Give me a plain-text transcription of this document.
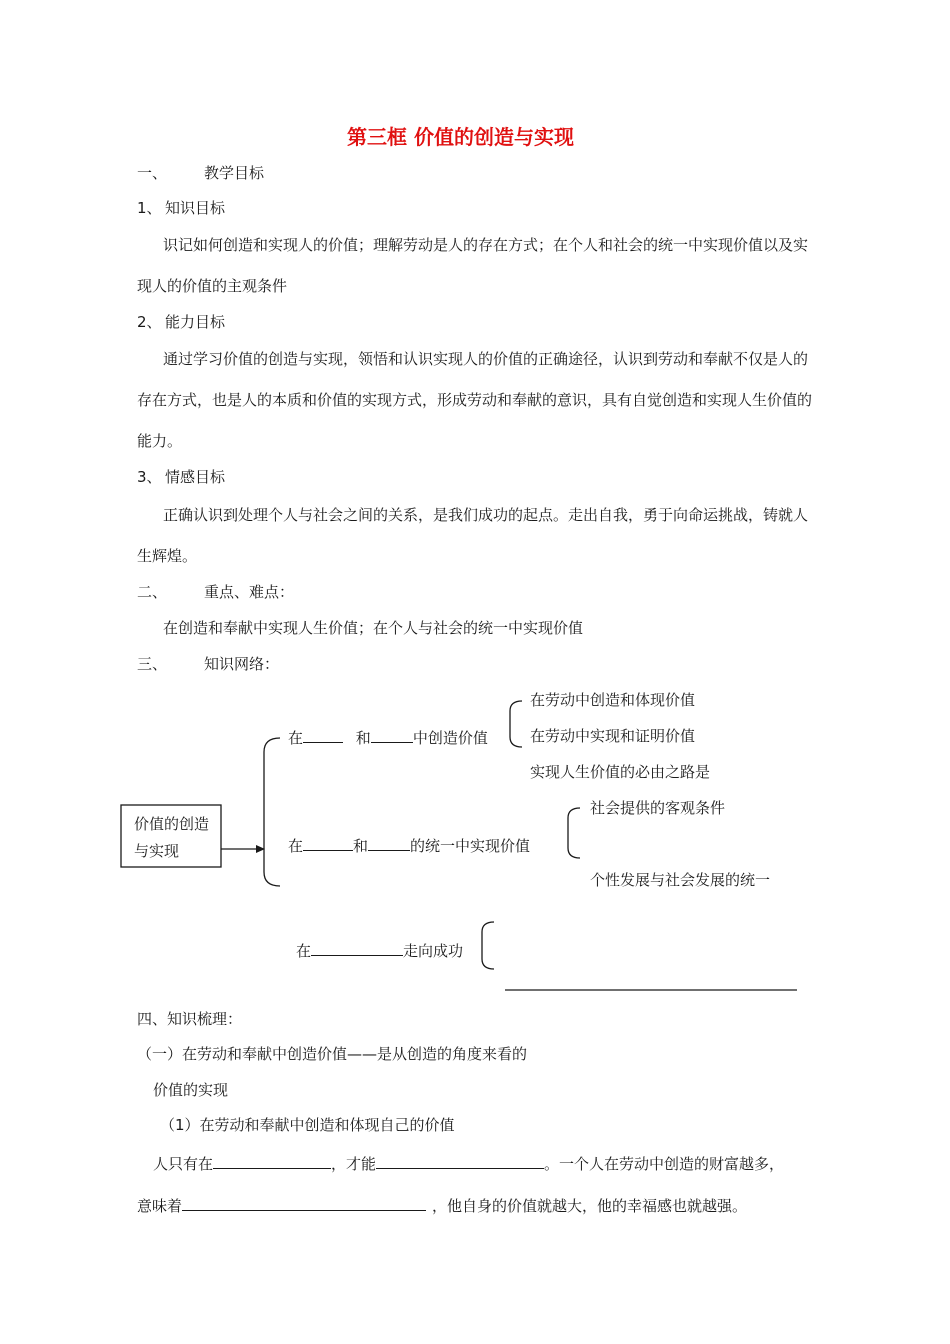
第三框 价值的创造与实现
一、 教学目标
1、 知识目标
识记如何创造和实现人的价值；理解劳动是人的存在方式；在个人和社会的统一中实现价值以及实现人的价值的主观条件
2、 能力目标
通过学习价值的创造与实现，领悟和认识实现人的价值的正确途径，认识到劳动和奉献不仅是人的存在方式，也是人的本质和价值的实现方式，形成劳动和奉献的意识，具有自觉创造和实现人生价值的能力。
3、 情感目标
正确认识到处理个人与社会之间的关系，是我们成功的起点。走出自我，勇于向命运挑战，铸就人生辉煌。
二、 重点、难点：
在创造和奉献中实现人生价值；在个人与社会的统一中实现价值
三、 知识网络：
价值的创造与实现
在	和	中创造价值
在劳动中创造和体现价值
在劳动中实现和证明价值
实现人生价值的必由之路是
在	和	的统一中实现价值
社会提供的客观条件
个性发展与社会发展的统一
在	走向成功
四、知识梳理：
（一）在劳动和奉献中创造价值——是从创造的角度来看的
价值的实现
（1）在劳动和奉献中创造和体现自己的价值
人只有在	，才能	。一个人在劳动中创造的财富越多，
意味着	，他自身的价值就越大，他的幸福感也就越强。
